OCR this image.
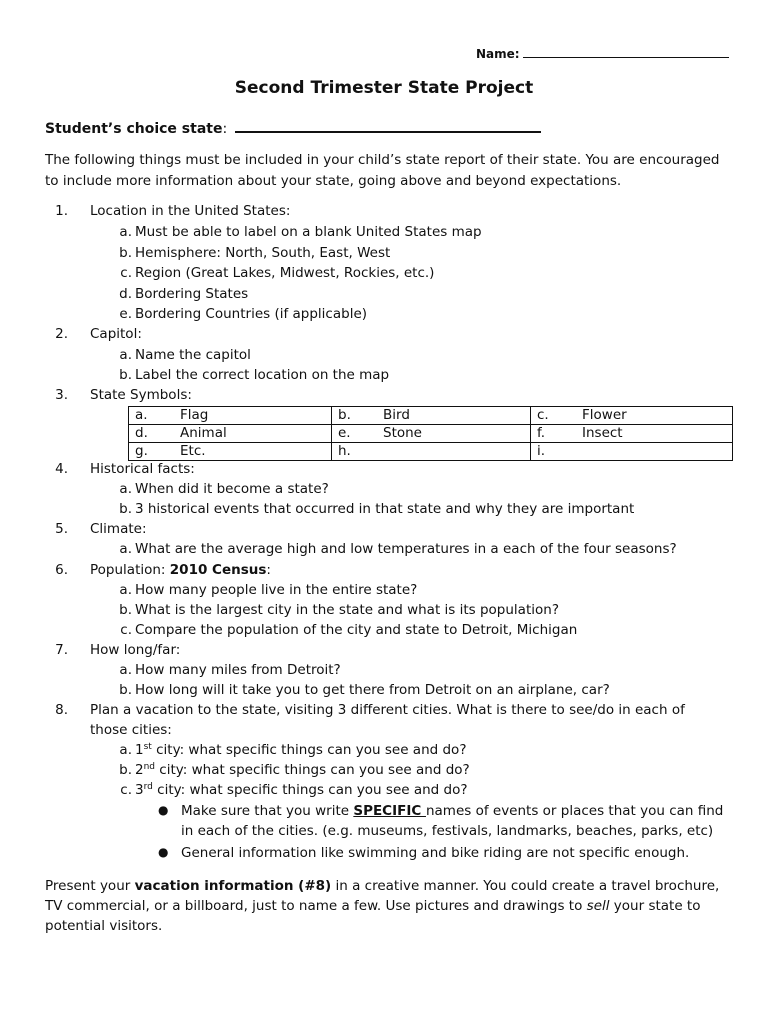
Name:
Second Trimester State Project
Student’s choice state:
The following things must be included in your child’s state report of their state. You are encouraged to include more information about your state, going above and beyond expectations.
1. Location in the United States:
a. Must be able to label on a blank United States map
b. Hemisphere: North, South, East, West
c. Region (Great Lakes, Midwest, Rockies, etc.)
d. Bordering States
e. Bordering Countries (if applicable)
2. Capitol:
a. Name the capitol
b. Label the correct location on the map
3. State Symbols:
a. Flag	b. Bird	c. Flower
d. Animal	e. Stone	f. Insect
g. Etc.	h.	i.
4. Historical facts:
a. When did it become a state?
b. 3 historical events that occurred in that state and why they are important
5. Climate:
a. What are the average high and low temperatures in a each of the four seasons?
6. Population: 2010 Census:
a. How many people live in the entire state?
b. What is the largest city in the state and what is its population?
c. Compare the population of the city and state to Detroit, Michigan
7. How long/far:
a. How many miles from Detroit?
b. How long will it take you to get there from Detroit on an airplane, car?
8. Plan a vacation to the state, visiting 3 different cities. What is there to see/do in each of
those cities:
a. 1st city: what specific things can you see and do?
b. 2nd city: what specific things can you see and do?
c. 3rd city: what specific things can you see and do?
● Make sure that you write SPECIFIC names of events or places that you can find
in each of the cities. (e.g. museums, festivals, landmarks, beaches, parks, etc)
● General information like swimming and bike riding are not specific enough.
Present your vacation information (#8) in a creative manner. You could create a travel brochure, TV commercial, or a billboard, just to name a few. Use pictures and drawings to sell your state to potential visitors.
